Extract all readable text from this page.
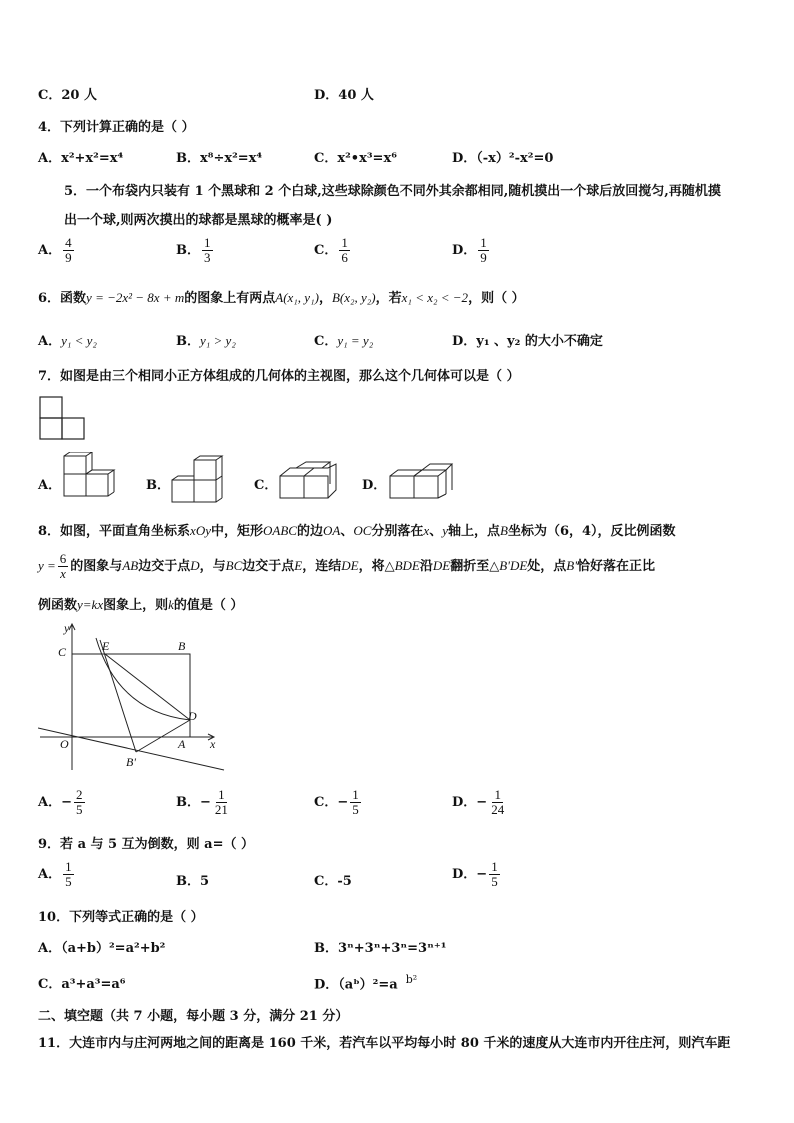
C．20 人	D．40 人
4．下列计算正确的是（ ）
A．x²+x²=x⁴	B．x⁸÷x²=x⁴	C．x²•x³=x⁶	D．（-x）²-x²=0
5．一个布袋内只装有 1 个黑球和 2 个白球,这些球除颜色不同外其余都相同,随机摸出一个球后放回搅匀,再随机摸
出一个球,则两次摸出的球都是黑球的概率是( )
A． $\frac{4}{9}$	B． $\frac{1}{3}$	C． $\frac{1}{6}$	D． $\frac{1}{9}$
6．函数y = −2x² − 8x + m的图象上有两点A(x₁, y₁)，B(x₂, y₂)，若x₁ < x₂ < −2，则（ ）
A．y₁ < y₂	B．y₁ > y₂	C．y₁ = y₂	D．y₁ 、y₂ 的大小不确定
7．如图是由三个相同小正方体组成的几何体的主视图，那么这个几何体可以是（ ）
A．	B．	C．	D．
8．如图，平面直角坐标系xOy中，矩形OABC的边OA、OC分别落在x、y轴上，点B坐标为（6，4），反比例函数
$y = \frac{6}{x}$ 的图象与AB边交于点D，与BC边交于点E，连结DE，将△BDE沿DE翻折至△B'DE处，点B'恰好落在正比
例函数y=kx图象上，则k的值是（ ）
y
x
C	E	B
D
O	A
B'
A．− $\frac{2}{5}$	B．− $\frac{1}{21}$	C．− $\frac{1}{5}$	D．− $\frac{1}{24}$
9．若 a 与 5 互为倒数，则 a=（ ）
A． $\frac{1}{5}$	B．5	C．-5	D．− $\frac{1}{5}$
10．下列等式正确的是（ ）
A．（a+b）²=a²+b²	B．3ⁿ+3ⁿ+3ⁿ=3ⁿ⁺¹
C．a³+a³=a⁶	D．（aᵇ）²=a $^{b^2}$
二、填空题（共 7 小题，每小题 3 分，满分 21 分）
11．大连市内与庄河两地之间的距离是 160 千米，若汽车以平均每小时 80 千米的速度从大连市内开往庄河，则汽车距
